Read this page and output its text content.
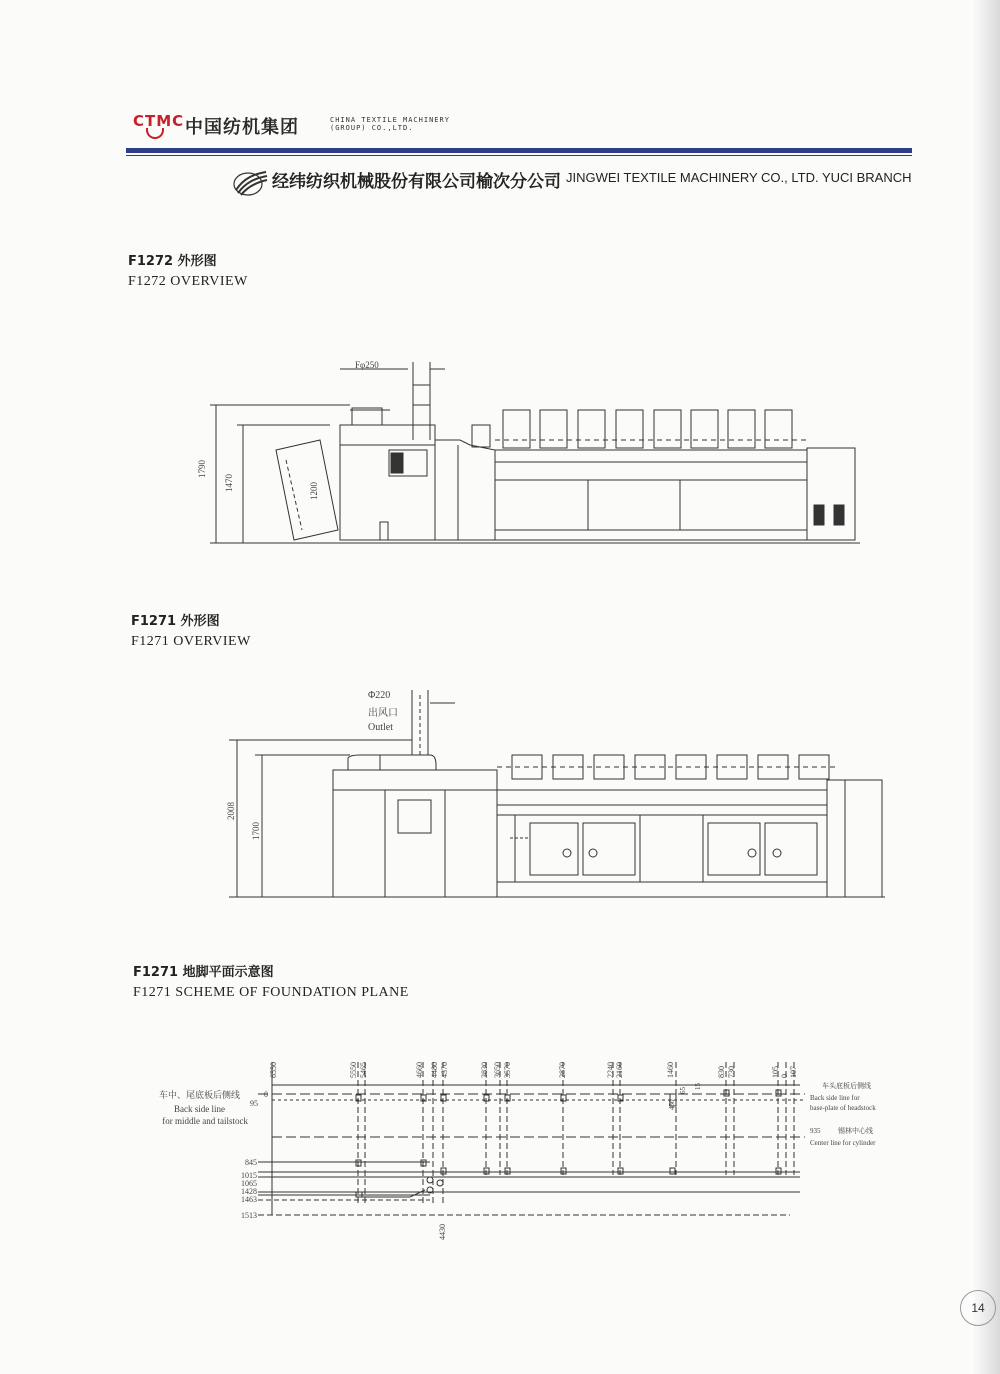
CTMC 中国纺机集团	CHINA TEXTILE MACHINERY
(GROUP) CO.,LTD.
经纬纺织机械股份有限公司榆次分公司 JINGWEI TEXTILE MACHINERY CO., LTD. YUCI BRANCH
F1272 外形图
F1272 OVERVIEW
F1271 外形图
F1271 OVERVIEW
F1271 地脚平面示意图
F1271 SCHEME OF FOUNDATION PLANE
Fφ250
1790
1470	1200
Φ220
出风口
Outlet
2008
1700
6550	5550 5465	4660 4480 4370	3830 3650 3570	2870	2240 2160	1460	830 730	105 0 107
0
95
845
1015
1065
1428
1463
1513
15
450
65
4430
车中、尾底板后侧线
Back side line
for middle and tailstock
车头底板后侧线
Back side line for
base-plate of headstock
935	锡林中心线
Center line for cylinder
14
